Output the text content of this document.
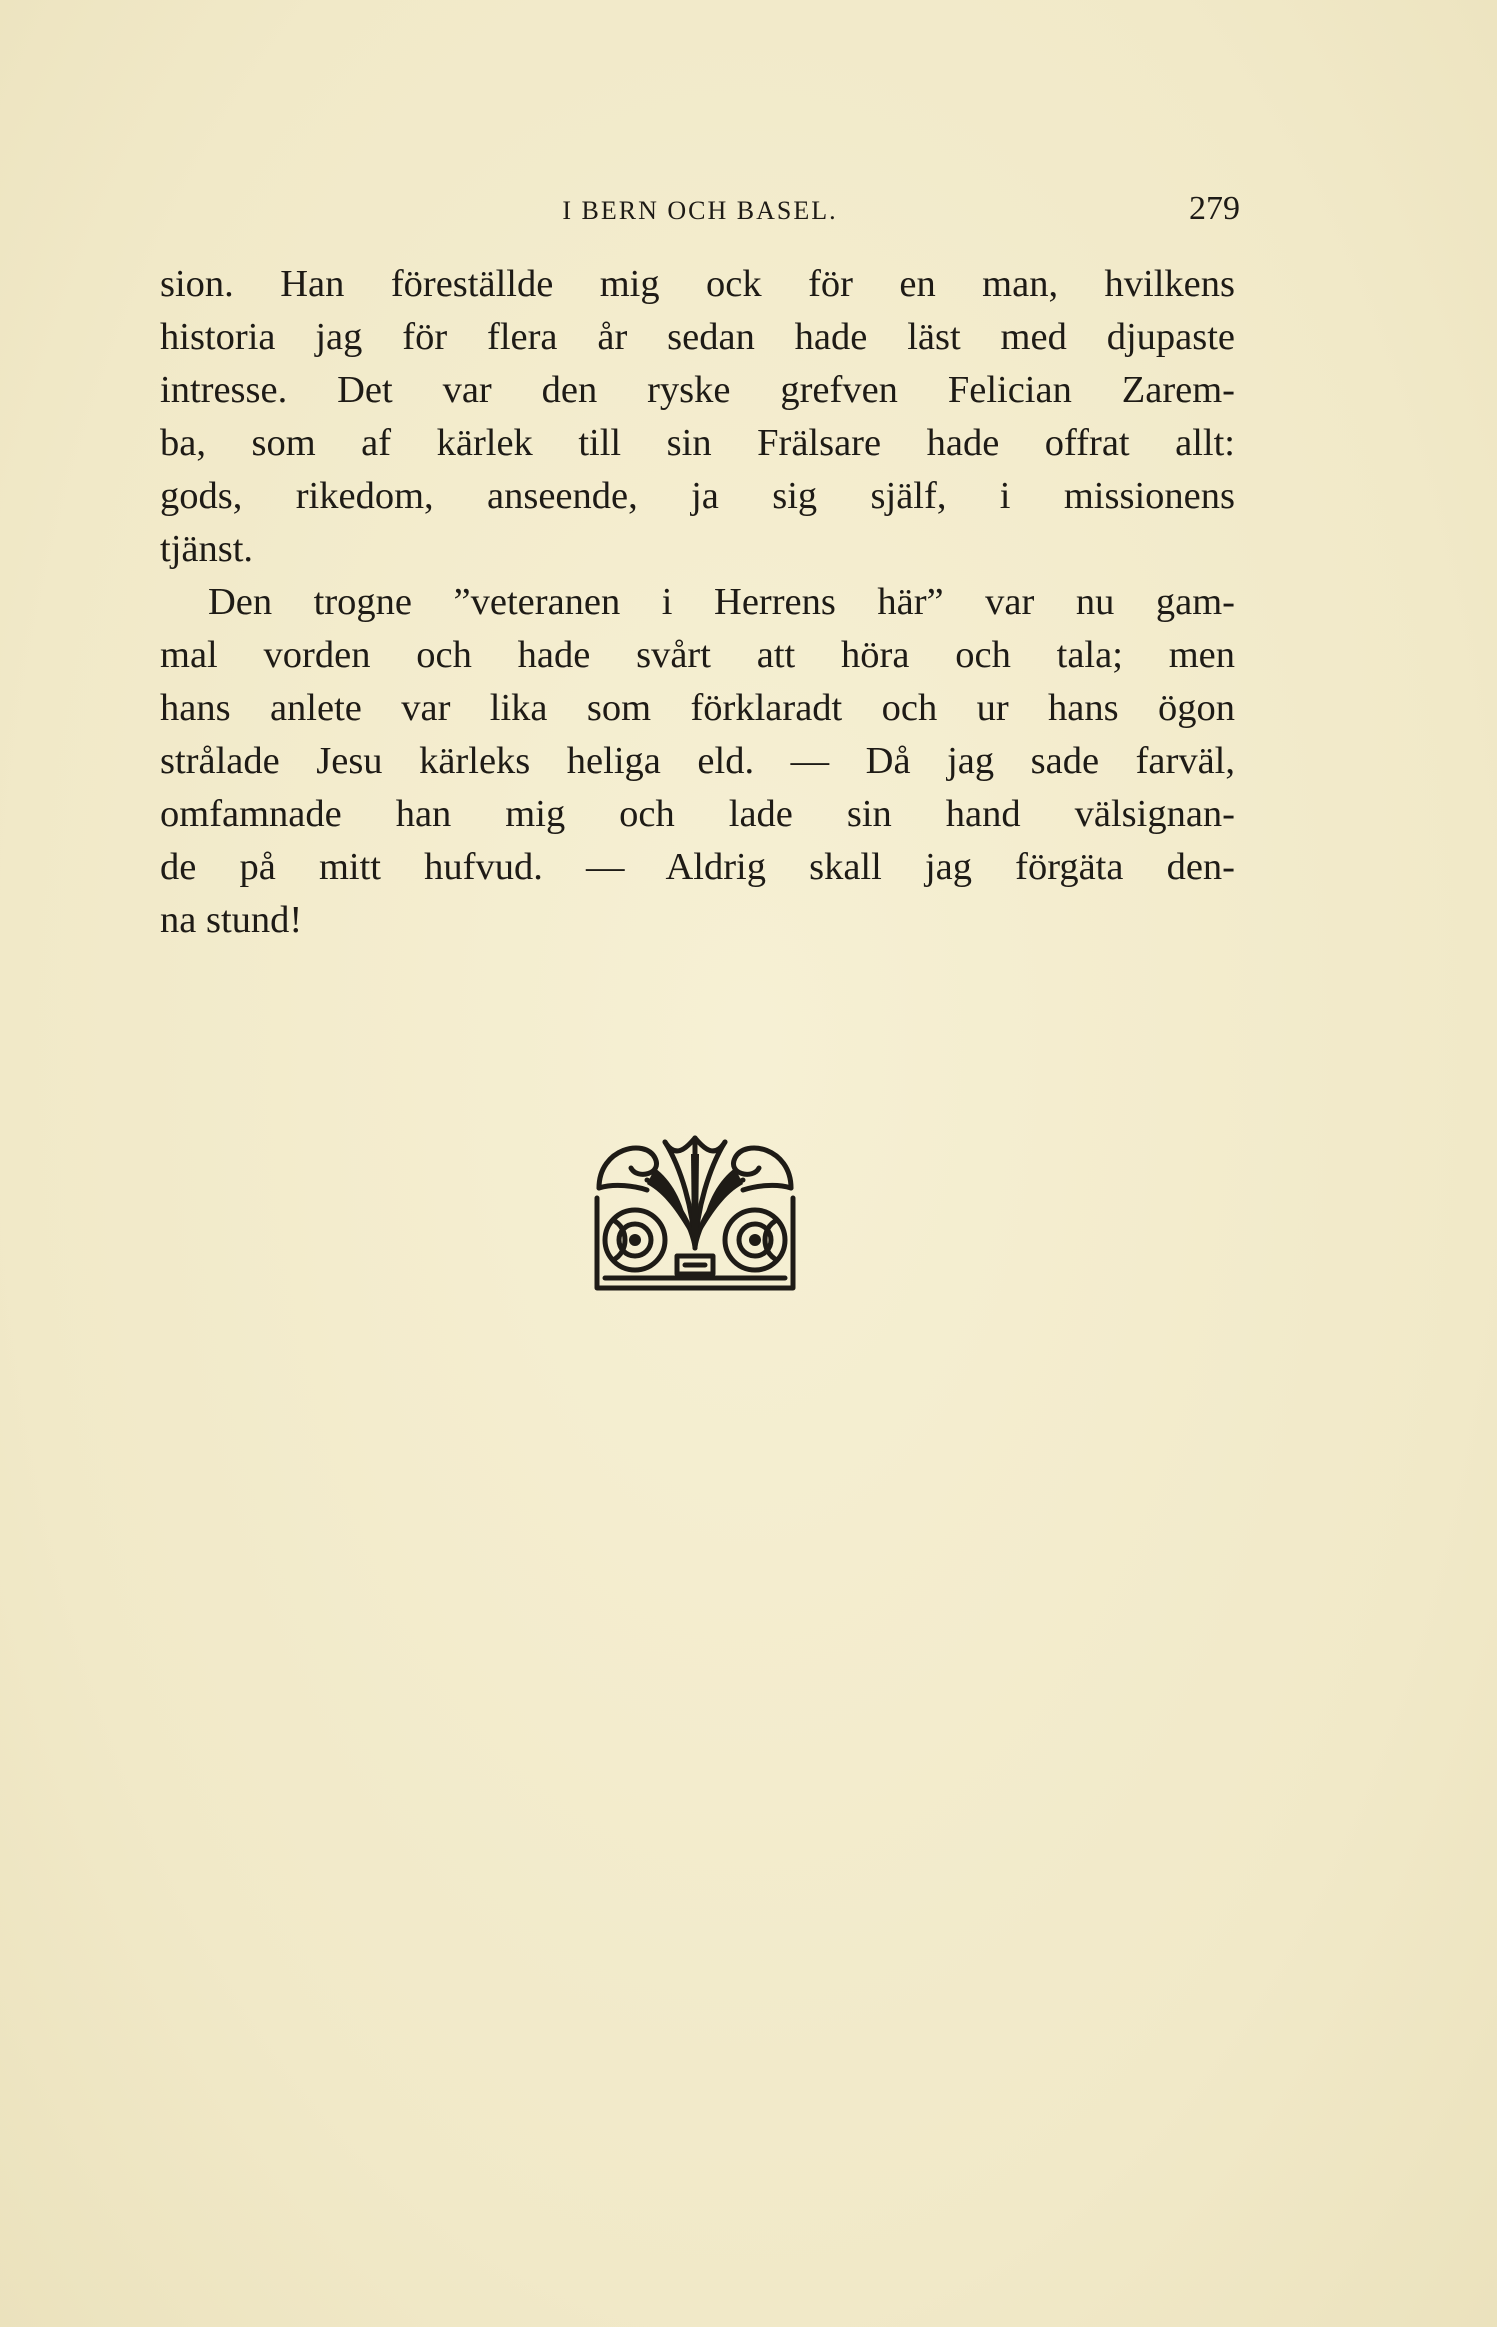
I BERN OCH BASEL.	279
sion. Han föreställde mig ock för en man, hvilkens
historia jag för flera år sedan hade läst med djupaste
intresse. Det var den ryske grefven Felician Zarem-
ba, som af kärlek till sin Frälsare hade offrat allt:
gods, rikedom, anseende, ja sig själf, i missionens
tjänst.
Den trogne ”veteranen i Herrens här” var nu gam-
mal vorden och hade svårt att höra och tala; men
hans anlete var lika som förklaradt och ur hans ögon
strålade Jesu kärleks heliga eld. — Då jag sade farväl,
omfamnade han mig och lade sin hand välsignan-
de på mitt hufvud. — Aldrig skall jag förgäta den-
na stund!
